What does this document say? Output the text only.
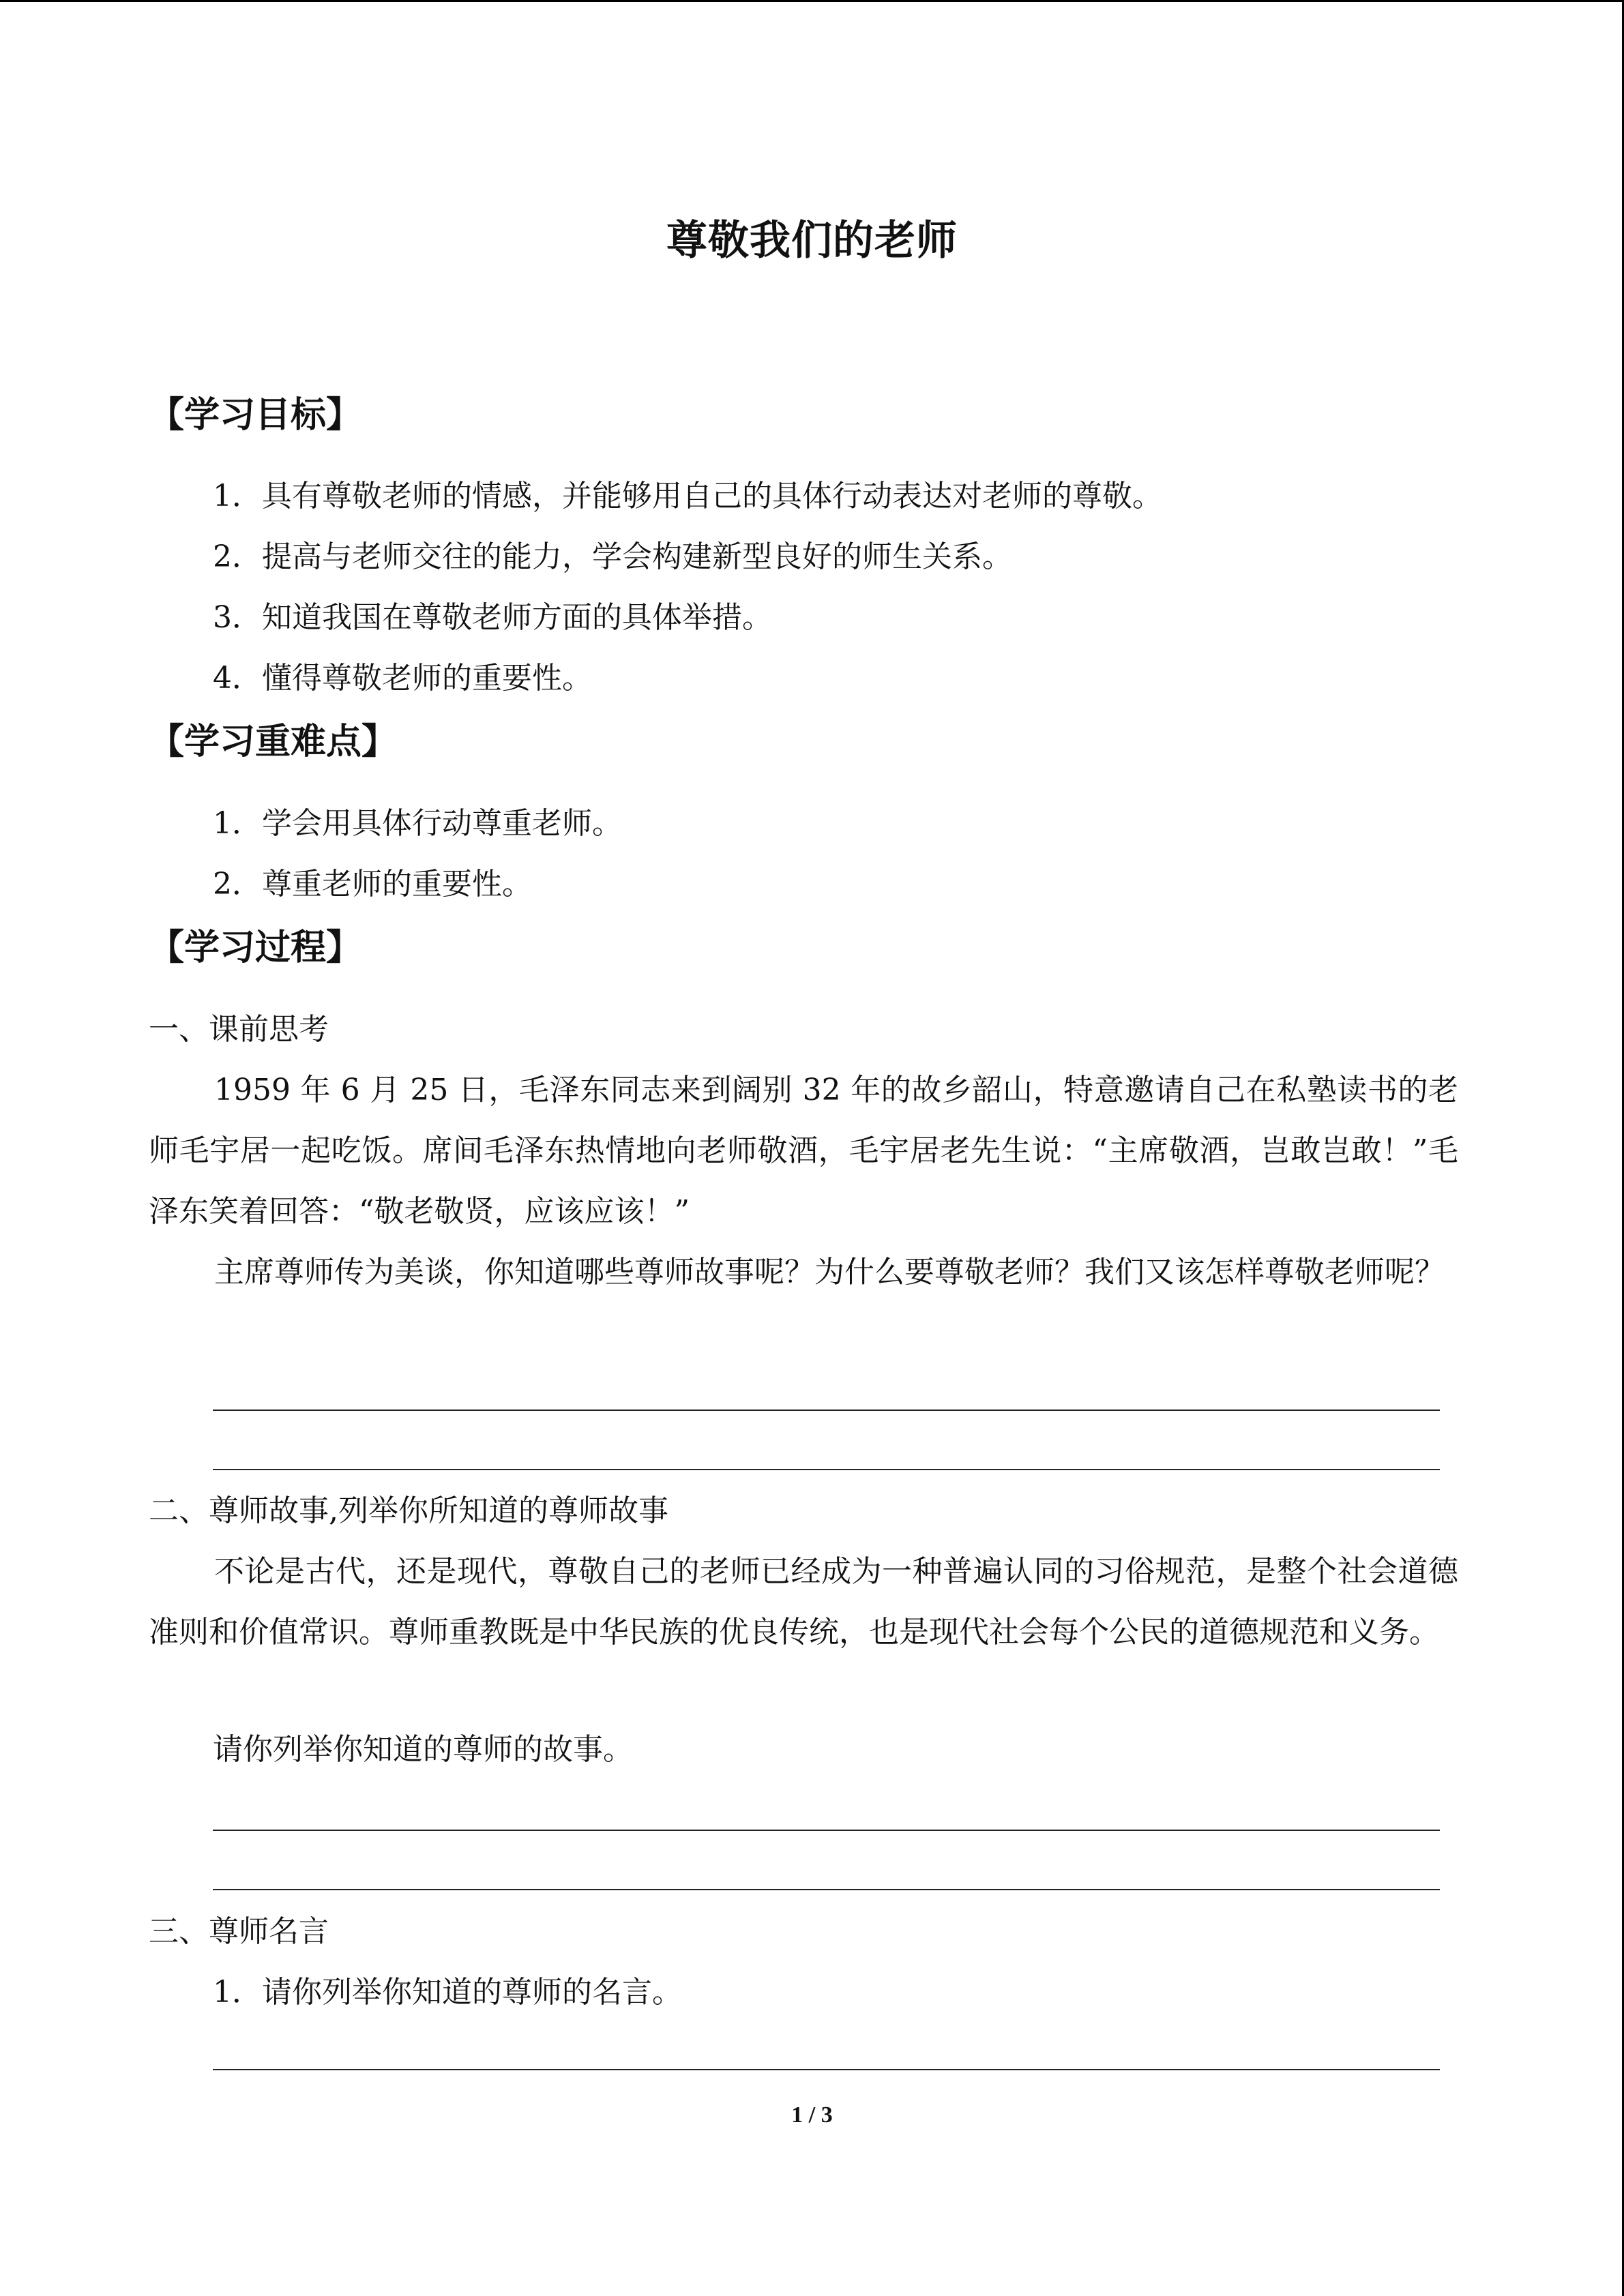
尊敬我们的老师
【学习目标】
1．具有尊敬老师的情感，并能够用自己的具体行动表达对老师的尊敬。
2．提高与老师交往的能力，学会构建新型良好的师生关系。
3．知道我国在尊敬老师方面的具体举措。
4．懂得尊敬老师的重要性。
【学习重难点】
1．学会用具体行动尊重老师。
2．尊重老师的重要性。
【学习过程】
一、课前思考
1959 年 6 月 25 日，毛泽东同志来到阔别 32 年的故乡韶山，特意邀请自己在私塾读书的老师毛宇居一起吃饭。席间毛泽东热情地向老师敬酒，毛宇居老先生说：“主席敬酒，岂敢岂敢！”毛泽东笑着回答：“敬老敬贤，应该应该！”
主席尊师传为美谈，你知道哪些尊师故事呢？为什么要尊敬老师？我们又该怎样尊敬老师呢？
二、尊师故事,列举你所知道的尊师故事
不论是古代，还是现代，尊敬自己的老师已经成为一种普遍认同的习俗规范，是整个社会道德准则和价值常识。尊师重教既是中华民族的优良传统，也是现代社会每个公民的道德规范和义务。
请你列举你知道的尊师的故事。
三、尊师名言
1．请你列举你知道的尊师的名言。
1 / 3
